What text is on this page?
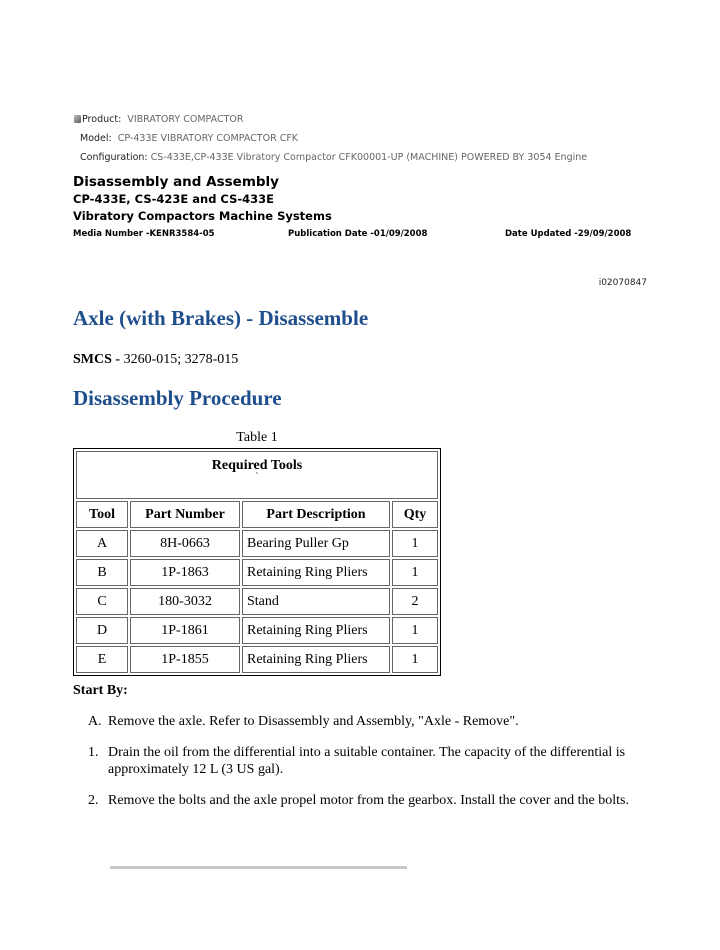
Product: VIBRATORY COMPACTOR
Model: CP-433E VIBRATORY COMPACTOR CFK
Configuration: CS-433E,CP-433E Vibratory Compactor CFK00001-UP (MACHINE) POWERED BY 3054 Engine
Disassembly and Assembly
CP-433E, CS-423E and CS-433E
Vibratory Compactors Machine Systems
Media Number -KENR3584-05	Publication Date -01/09/2008	Date Updated -29/09/2008
i02070847
Axle (with Brakes) - Disassemble
SMCS - 3260-015; 3278-015
Disassembly Procedure
Table 1
Required Tools
`			

Tool	Part Number	Part Description	Qty
A	8H-0663	Bearing Puller Gp	1
B	1P-1863	Retaining Ring Pliers	1
C	180-3032	Stand	2
D	1P-1861	Retaining Ring Pliers	1
E	1P-1855	Retaining Ring Pliers	1
Start By:
A. Remove the axle. Refer to Disassembly and Assembly, "Axle - Remove".
1. Drain the oil from the differential into a suitable container. The capacity of the differential is approximately 12 L (3 US gal).
2. Remove the bolts and the axle propel motor from the gearbox. Install the cover and the bolts.
